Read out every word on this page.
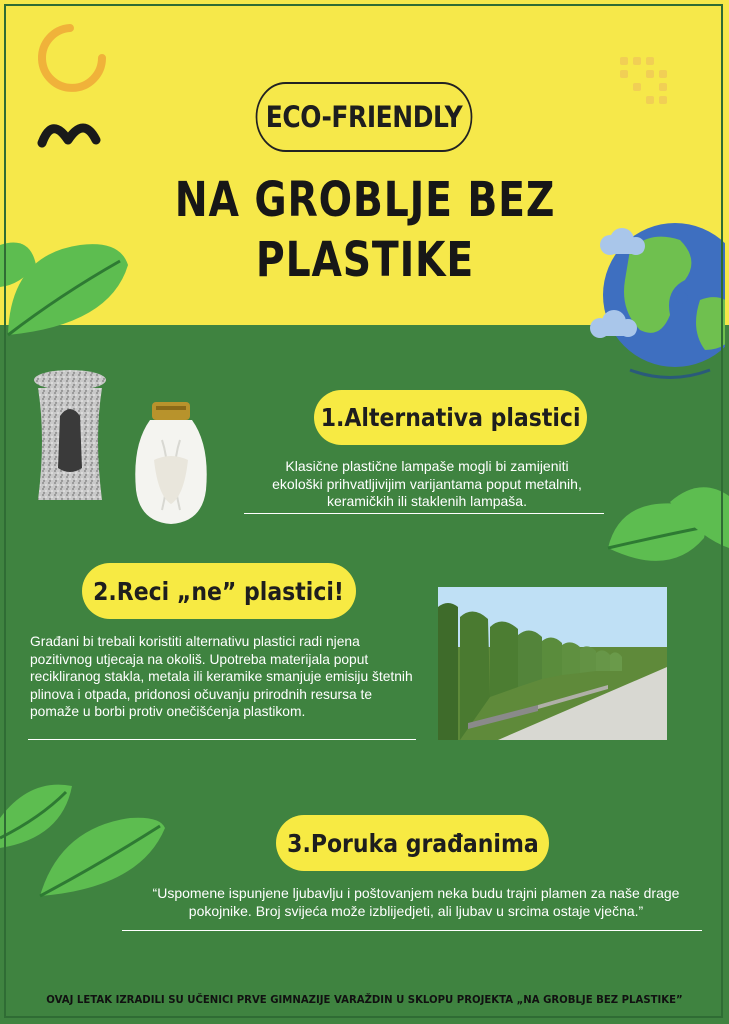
ECO-FRIENDLY
NA GROBLJE BEZ
PLASTIKE
1.Alternativa plastici
Klasične plastične lampaše mogli bi zamijeniti ekološki prihvatljivijim varijantama poput metalnih, keramičkih ili staklenih lampaša.
2.Reci „ne” plastici!
Građani bi trebali koristiti alternativu plastici radi njena pozitivnog utjecaja na okoliš. Upotreba materijala poput recikliranog stakla, metala ili keramike smanjuje emisiju štetnih plinova i otpada, pridonosi očuvanju prirodnih resursa te pomaže u borbi protiv onečišćenja plastikom.
3.Poruka građanima
“Uspomene ispunjene ljubavlju i poštovanjem neka budu trajni plamen za naše drage pokojnike. Broj svijeća može izblijedjeti, ali ljubav u srcima ostaje vječna.”
OVAJ LETAK IZRADILI SU UČENICI PRVE GIMNAZIJE VARAŽDIN U SKLOPU PROJEKTA „NA GROBLJE BEZ PLASTIKE”
